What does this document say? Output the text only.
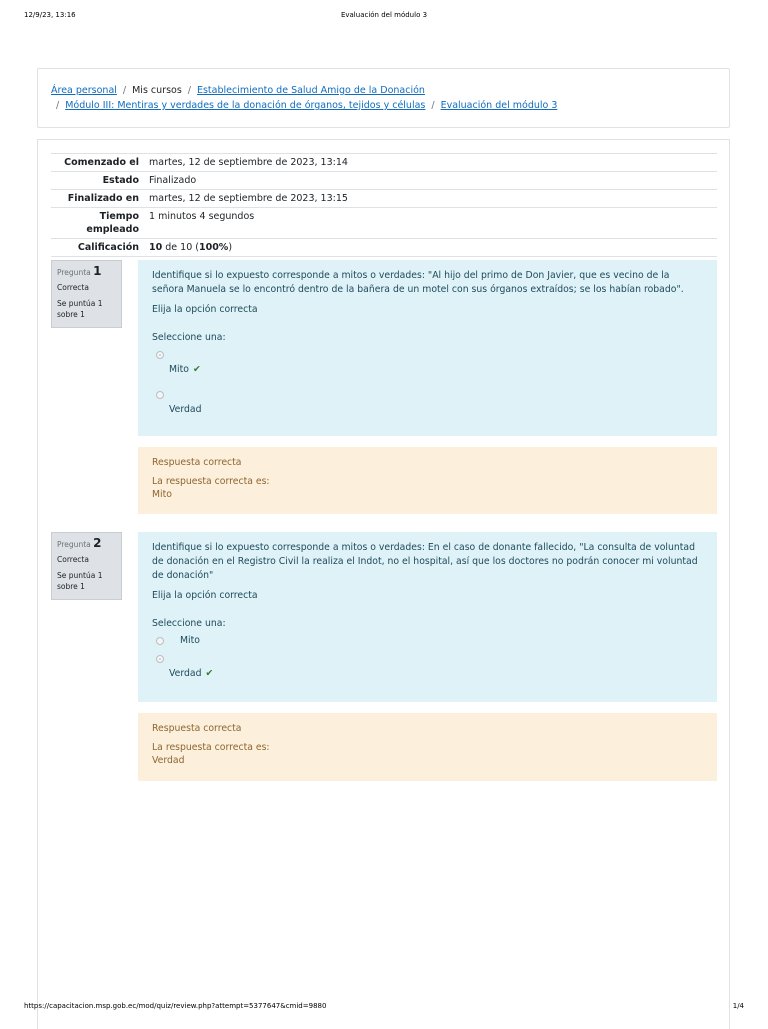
12/9/23, 13:16	Evaluación del módulo 3
Área personal / Mis cursos / Establecimiento de Salud Amigo de la Donación
/ Módulo III: Mentiras y verdades de la donación de órganos, tejidos y células / Evaluación del módulo 3
Comenzado el	martes, 12 de septiembre de 2023, 13:14
Estado	Finalizado
Finalizado en	martes, 12 de septiembre de 2023, 13:15
Tiempo
empleado	1 minutos 4 segundos
Calificación	10 de 10 (100%)
Pregunta 1
Correcta
Se puntúa 1
sobre 1

Identifique si lo expuesto corresponde a mitos o verdades: "Al hijo del primo de Don Javier, que es vecino de la señora Manuela se lo encontró dentro de la bañera de un motel con sus órganos extraídos; se los habían robado".

Elija la opción correcta
Seleccione una:
Mito ✔
Verdad
Respuesta correcta
La respuesta correcta es:
Mito
Pregunta 2
Correcta
Se puntúa 1
sobre 1

Identifique si lo expuesto corresponde a mitos o verdades: En el caso de donante fallecido, "La consulta de voluntad de donación en el Registro Civil la realiza el Indot, no el hospital, así que los doctores no podrán conocer mi voluntad de donación"

Elija la opción correcta
Seleccione una:
Mito
Verdad ✔
Respuesta correcta
La respuesta correcta es:
Verdad
https://capacitacion.msp.gob.ec/mod/quiz/review.php?attempt=5377647&cmid=9880	1/4
